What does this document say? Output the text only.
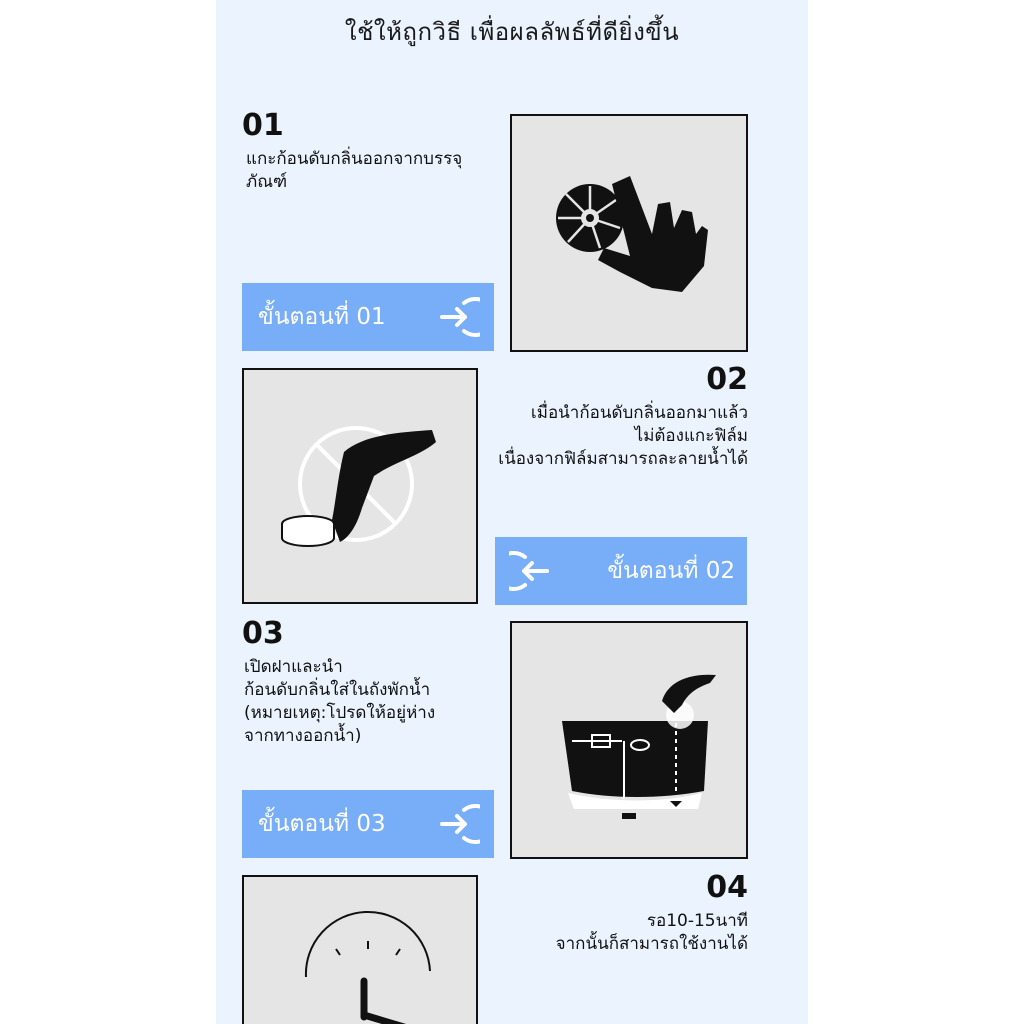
ใช้ให้ถูกวิธี เพื่อผลลัพธ์ที่ดียิ่งขึ้น
01
แกะก้อนดับกลิ่นออกจากบรรจุ
ภัณฑ์
ขั้นตอนที่ 01
02
เมื่อนำก้อนดับกลิ่นออกมาแล้ว
ไม่ต้องแกะฟิล์ม
เนื่องจากฟิล์มสามารถละลายน้ำได้
ขั้นตอนที่ 02
03
เปิดฝาและนำ
ก้อนดับกลิ่นใส่ในถังพักน้ำ
(หมายเหตุ:โปรดให้อยู่ห่าง
จากทางออกน้ำ)
ขั้นตอนที่ 03
04
รอ10-15นาที
จากนั้นก็สามารถใช้งานได้
